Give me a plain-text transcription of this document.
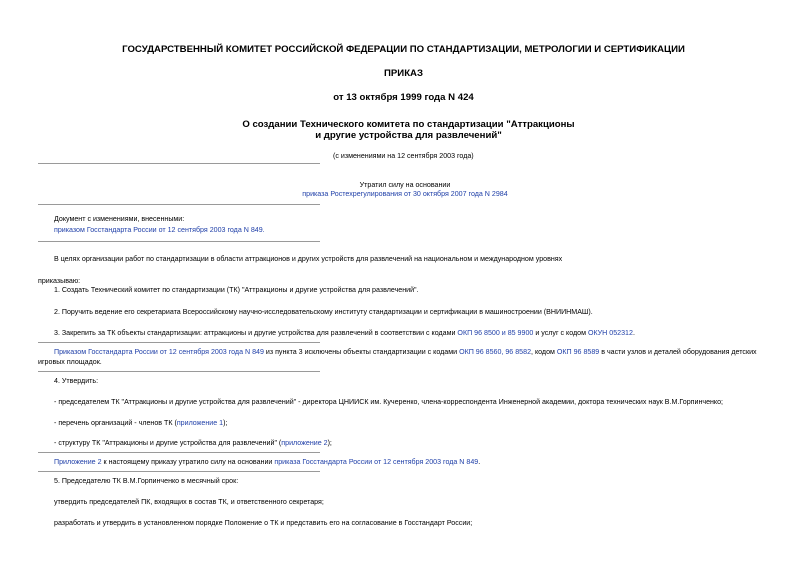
ГОСУДАРСТВЕННЫЙ КОМИТЕТ РОССИЙСКОЙ ФЕДЕРАЦИИ ПО СТАНДАРТИЗАЦИИ, МЕТРОЛОГИИ И СЕРТИФИКАЦИИ
ПРИКАЗ
от 13 октября 1999 года N 424
О создании Технического комитета по стандартизации "Аттракционы
и другие устройства для развлечений"
(с изменениями на 12 сентября 2003 года)
Утратил силу на основании
приказа Ростехрегулирования от 30 октября 2007 года N 2984
Документ с изменениями, внесенными:
приказом Госстандарта России от 12 сентября 2003 года N 849.
В целях организации работ по стандартизации в области аттракционов и других устройств для развлечений на национальном и международном уровнях
приказываю:
1. Создать Технический комитет по стандартизации (ТК) "Аттракционы и другие устройства для развлечений".
2. Поручить ведение его секретариата Всероссийскому научно-исследовательскому институту стандартизации и сертификации в машиностроении (ВНИИНМАШ).
3. Закрепить за ТК объекты стандартизации: аттракционы и другие устройства для развлечений в соответствии с кодами ОКП 96 8500 и 85 9900 и услуг с кодом ОКУН 052312.
Приказом Госстандарта России от 12 сентября 2003 года N 849 из пункта 3 исключены объекты стандартизации с кодами ОКП 96 8560, 96 8582, кодом ОКП 96 8589 в части узлов и деталей оборудования детских игровых площадок.
4. Утвердить:
- председателем ТК "Аттракционы и другие устройства для развлечений" - директора ЦНИИСК им. Кучеренко, члена-корреспондента Инженерной академии, доктора технических наук В.М.Горпинченко;
- перечень организаций - членов ТК (приложение 1);
- структуру ТК "Аттракционы и другие устройства для развлечений" (приложение 2);
Приложение 2 к настоящему приказу утратило силу на основании приказа Госстандарта России от 12 сентября 2003 года N 849.
5. Председателю ТК В.М.Горпинченко в месячный срок:
утвердить председателей ПК, входящих в состав ТК, и ответственного секретаря;
разработать и утвердить в установленном порядке Положение о ТК и представить его на согласование в Госстандарт России;
